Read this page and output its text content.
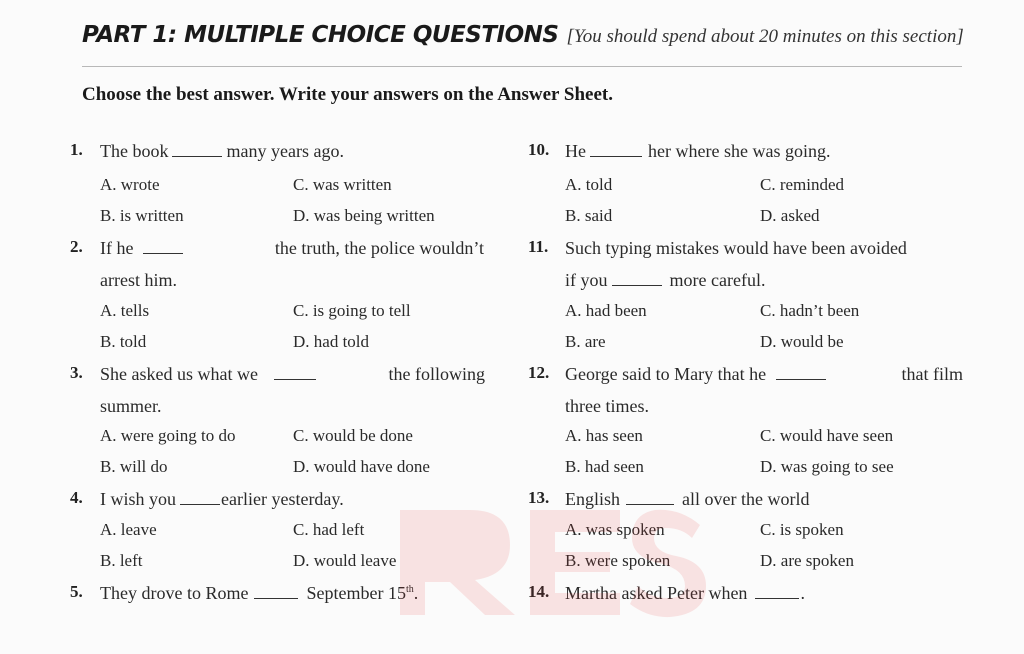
PART 1: MULTIPLE CHOICE QUESTIONS [You should spend about 20 minutes on this section]
Choose the best answer. Write your answers on the Answer Sheet.
1. The book	many years ago.
A. wrote	C. was written
B. is written	D. was being written
2. If he	the truth, the police wouldn’t
arrest him.
A. tells	C. is going to tell
B. told	D. had told
3. She asked us what we	the following
summer.
A. were going to do	C. would be done
B. will do	D. would have done
4. I wish you	earlier yesterday.
A. leave	C. had left
B. left	D. would leave
5. They drove to Rome	September 15th.
10. He	her where she was going.
A. told	C. reminded
B. said	D. asked
11. Such typing mistakes would have been avoided
if you	more careful.
A. had been	C. hadn’t been
B. are	D. would be
12. George said to Mary that he	that film
three times.
A. has seen	C. would have seen
B. had seen	D. was going to see
13. English	all over the world
A. was spoken	C. is spoken
B. were spoken	D. are spoken
14. Martha asked Peter when	.
